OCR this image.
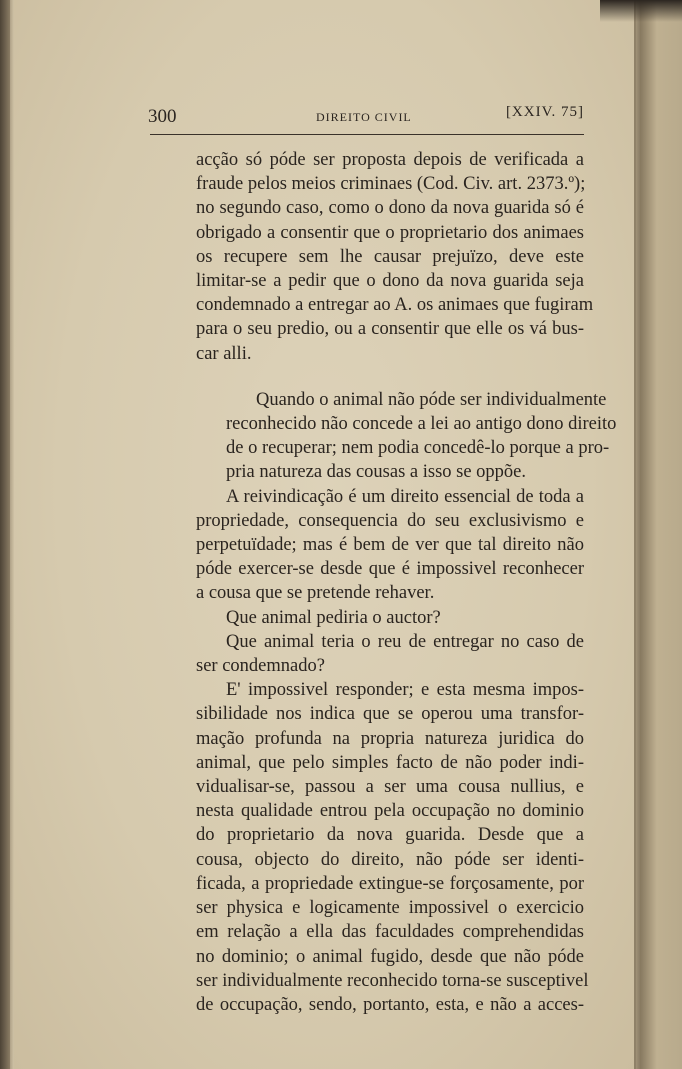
300	DIREITO CIVIL	[XXIV. 75]

acção só póde ser proposta depois de verificada a
fraude pelos meios criminaes (Cod. Civ. art. 2373.º);
no segundo caso, como o dono da nova guarida só é
obrigado a consentir que o proprietario dos animaes
os recupere sem lhe causar prejuïzo, deve este
limitar-se a pedir que o dono da nova guarida seja
condemnado a entregar ao A. os animaes que fugiram
para o seu predio, ou a consentir que elle os vá bus-
car alli.

Quando o animal não póde ser individualmente
reconhecido não concede a lei ao antigo dono direito
de o recuperar; nem podia concedê-lo porque a pro-
pria natureza das cousas a isso se oppõe.

A reivindicação é um direito essencial de toda a
propriedade, consequencia do seu exclusivismo e
perpetuïdade; mas é bem de ver que tal direito não
póde exercer-se desde que é impossivel reconhecer
a cousa que se pretende rehaver.

Que animal pediria o auctor?

Que animal teria o reu de entregar no caso de
ser condemnado?

E' impossivel responder; e esta mesma impos-
sibilidade nos indica que se operou uma transfor-
mação profunda na propria natureza juridica do
animal, que pelo simples facto de não poder indi-
vidualisar-se, passou a ser uma cousa nullius, e
nesta qualidade entrou pela occupação no dominio
do proprietario da nova guarida. Desde que a
cousa, objecto do direito, não póde ser identi-
ficada, a propriedade extingue-se forçosamente, por
ser physica e logicamente impossivel o exercicio
em relação a ella das faculdades comprehendidas
no dominio; o animal fugido, desde que não póde
ser individualmente reconhecido torna-se susceptivel
de occupação, sendo, portanto, esta, e não a acces-
